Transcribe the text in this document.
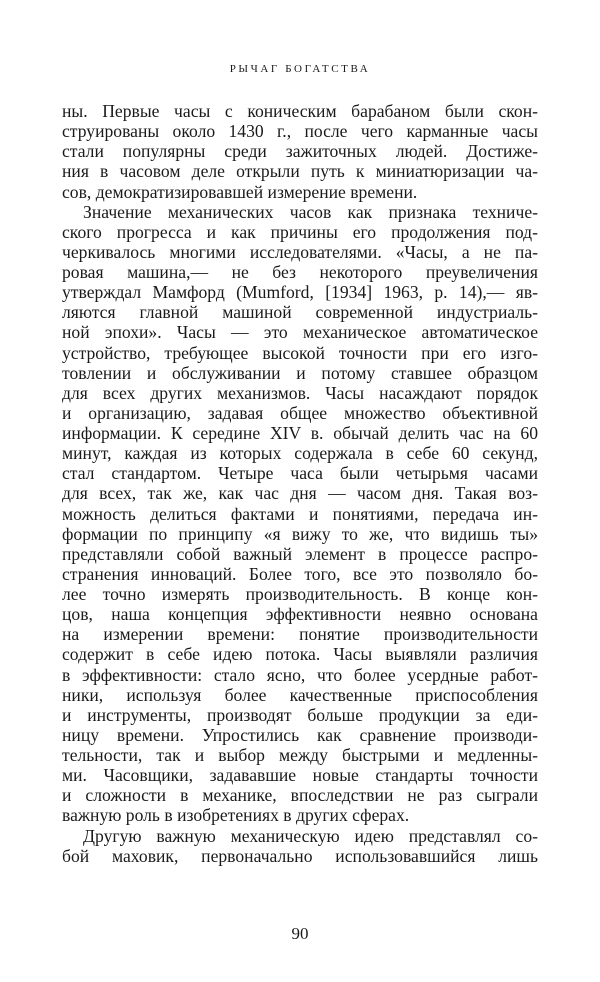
РЫЧАГ БОГАТСТВА
ны. Первые часы с коническим барабаном были скон-
струированы около 1430 г., после чего карманные часы
стали популярны среди зажиточных людей. Достиже-
ния в часовом деле открыли путь к миниатюризации ча-
сов, демократизировавшей измерение времени.
Значение механических часов как признака техниче-
ского прогресса и как причины его продолжения под-
черкивалось многими исследователями. «Часы, а не па-
ровая машина,— не без некоторого преувеличения
утверждал Мамфорд (Mumford, [1934] 1963, p. 14),— яв-
ляются главной машиной современной индустриаль-
ной эпохи». Часы — это механическое автоматическое
устройство, требующее высокой точности при его изго-
товлении и обслуживании и потому ставшее образцом
для всех других механизмов. Часы насаждают порядок
и организацию, задавая общее множество объективной
информации. К середине XIV в. обычай делить час на 60
минут, каждая из которых содержала в себе 60 секунд,
стал стандартом. Четыре часа были четырьмя часами
для всех, так же, как час дня — часом дня. Такая воз-
можность делиться фактами и понятиями, передача ин-
формации по принципу «я вижу то же, что видишь ты»
представляли собой важный элемент в процессе распро-
странения инноваций. Более того, все это позволяло бо-
лее точно измерять производительность. В конце кон-
цов, наша концепция эффективности неявно основана
на измерении времени: понятие производительности
содержит в себе идею потока. Часы выявляли различия
в эффективности: стало ясно, что более усердные работ-
ники, используя более качественные приспособления
и инструменты, производят больше продукции за еди-
ницу времени. Упростились как сравнение производи-
тельности, так и выбор между быстрыми и медленны-
ми. Часовщики, задававшие новые стандарты точности
и сложности в механике, впоследствии не раз сыграли
важную роль в изобретениях в других сферах.
Другую важную механическую идею представлял со-
бой маховик, первоначально использовавшийся лишь
90
